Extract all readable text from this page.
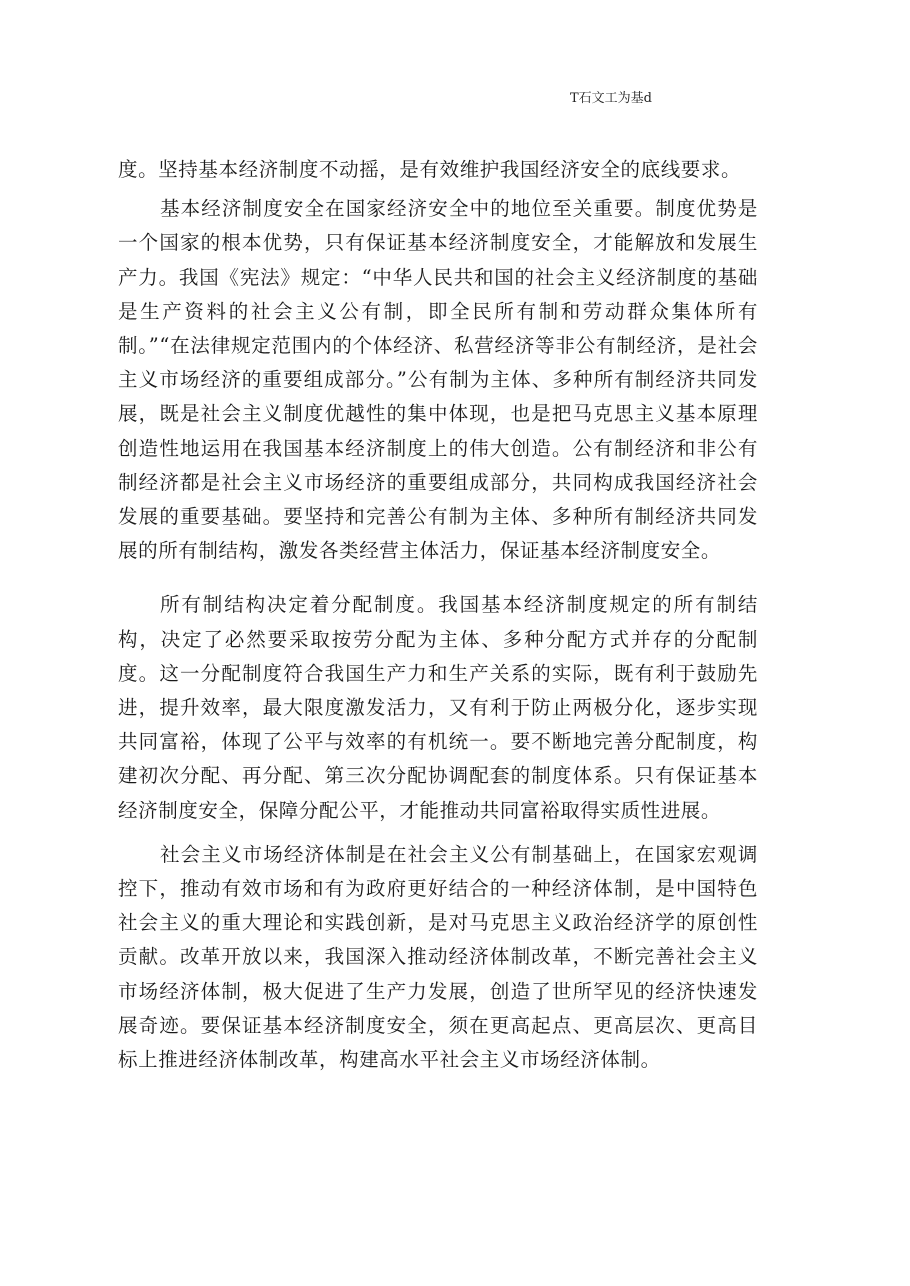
T石文工为基d

度。坚持基本经济制度不动摇，是有效维护我国经济安全的底线要求。

基本经济制度安全在国家经济安全中的地位至关重要。制度优势是一个国家的根本优势，只有保证基本经济制度安全，才能解放和发展生产力。我国《宪法》规定：“中华人民共和国的社会主义经济制度的基础是生产资料的社会主义公有制，即全民所有制和劳动群众集体所有制。”“在法律规定范围内的个体经济、私营经济等非公有制经济，是社会主义市场经济的重要组成部分。”公有制为主体、多种所有制经济共同发展，既是社会主义制度优越性的集中体现，也是把马克思主义基本原理创造性地运用在我国基本经济制度上的伟大创造。公有制经济和非公有制经济都是社会主义市场经济的重要组成部分，共同构成我国经济社会发展的重要基础。要坚持和完善公有制为主体、多种所有制经济共同发展的所有制结构，激发各类经营主体活力，保证基本经济制度安全。

所有制结构决定着分配制度。我国基本经济制度规定的所有制结构，决定了必然要采取按劳分配为主体、多种分配方式并存的分配制度。这一分配制度符合我国生产力和生产关系的实际，既有利于鼓励先进，提升效率，最大限度激发活力，又有利于防止两极分化，逐步实现共同富裕，体现了公平与效率的有机统一。要不断地完善分配制度，构建初次分配、再分配、第三次分配协调配套的制度体系。只有保证基本经济制度安全，保障分配公平，才能推动共同富裕取得实质性进展。

社会主义市场经济体制是在社会主义公有制基础上，在国家宏观调控下，推动有效市场和有为政府更好结合的一种经济体制，是中国特色社会主义的重大理论和实践创新，是对马克思主义政治经济学的原创性贡献。改革开放以来，我国深入推动经济体制改革，不断完善社会主义市场经济体制，极大促进了生产力发展，创造了世所罕见的经济快速发展奇迹。要保证基本经济制度安全，须在更高起点、更高层次、更高目标上推进经济体制改革，构建高水平社会主义市场经济体制。
